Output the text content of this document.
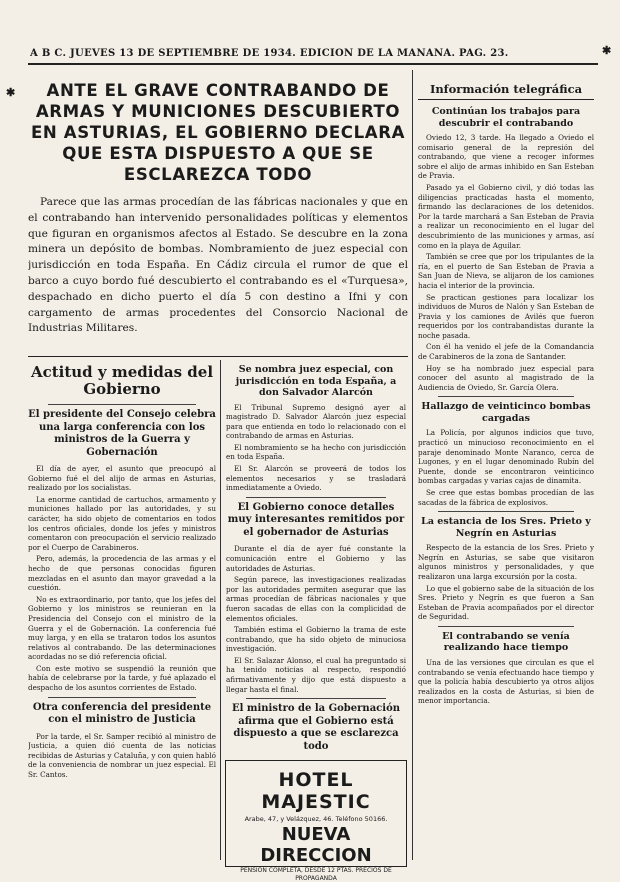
✱
✱
A B C. JUEVES 13 DE SEPTIEMBRE DE 1934. EDICION DE LA MAÑANA. PAG. 23.
ANTE EL GRAVE CONTRABANDO DE ARMAS Y MUNICIONES DESCUBIERTO EN ASTURIAS, EL GOBIERNO DECLARA QUE ESTA DISPUESTO A QUE SE ESCLAREZCA TODO
Parece que las armas procedían de las fábricas nacionales y que en el contrabando han intervenido personalidades políticas y elementos que figuran en organismos afectos al Estado. Se descubre en la zona minera un depósito de bombas. Nombramiento de juez especial con jurisdicción en toda España. En Cádiz circula el rumor de que el barco a cuyo bordo fué descubierto el contrabando es el «Turquesa», despachado en dicho puerto el día 5 con destino a Ifni y con cargamento de armas procedentes del Consorcio Nacional de Industrias Militares.
Actitud y medidas del Gobierno
El presidente del Consejo celebra una larga conferencia con los ministros de la Guerra y Gobernación

El día de ayer, el asunto que preocupó al Gobierno fué el del alijo de armas en Asturias, realizado por los socialistas.

La enorme cantidad de cartuchos, armamento y municiones hallado por las autoridades, y su carácter, ha sido objeto de comentarios en todos los centros oficiales, donde los jefes y ministros comentaron con preocupación el servicio realizado por el Cuerpo de Carabineros.

Pero, además, la procedencia de las armas y el hecho de que personas conocidas figuren mezcladas en el asunto dan mayor gravedad a la cuestión.

No es extraordinario, por tanto, que los jefes del Gobierno y los ministros se reunieran en la Presidencia del Consejo con el ministro de la Guerra y el de Gobernación. La conferencia fué muy larga, y en ella se trataron todos los asuntos relativos al contrabando. De las determinaciones acordadas no se dió referencia oficial.

Con este motivo se suspendió la reunión que había de celebrarse por la tarde, y fué aplazado el despacho de los asuntos corrientes de Estado.

Otra conferencia del presidente con el ministro de Justicia

Por la tarde, el Sr. Samper recibió al ministro de Justicia, a quien dió cuenta de las noticias recibidas de Asturias y Cataluña, y con quien habló de la conveniencia de nombrar un juez especial. El Sr. Cantos.

Se nombra juez especial, con jurisdicción en toda España, a don Salvador Alarcón

El Tribunal Supremo designó ayer al magistrado D. Salvador Alarcón juez especial para que entienda en todo lo relacionado con el contrabando de armas en Asturias.

El nombramiento se ha hecho con jurisdicción en toda España.

El Sr. Alarcón se proveerá de todos los elementos necesarios y se trasladará inmediatamente a Oviedo.

El Gobierno conoce detalles muy interesantes remitidos por el gobernador de Asturias

Durante el día de ayer fué constante la comunicación entre el Gobierno y las autoridades de Asturias.

Según parece, las investigaciones realizadas por las autoridades permiten asegurar que las armas procedían de fábricas nacionales y que fueron sacadas de ellas con la complicidad de elementos oficiales.

También estima el Gobierno la trama de este contrabando, que ha sido objeto de minuciosa investigación.

El Sr. Salazar Alonso, el cual ha preguntado si ha tenido noticias al respecto, respondió afirmativamente y dijo que está dispuesto a llegar hasta el final.

El ministro de la Gobernación afirma que el Gobierno está dispuesto a que se esclarezca todo

HOTEL MAJESTIC
Arabe, 47, y Velázquez, 46. Teléfono 50166.
NUEVA DIRECCION
PENSION COMPLETA, DESDE 12 PTAS. PRECIOS DE PROPAGANDA
Información telegráfica
Continúan los trabajos para descubrir el contrabando

Oviedo 12, 3 tarde. Ha llegado a Oviedo el comisario general de la represión del contrabando, que viene a recoger informes sobre el alijo de armas inhibido en San Esteban de Pravia.

Pasado ya el Gobierno civil, y dió todas las diligencias practicadas hasta el momento, firmando las declaraciones de los detenidos. Por la tarde marchará a San Esteban de Pravia a realizar un reconocimiento en el lugar del descubrimiento de las municiones y armas, así como en la playa de Aguilar.

También se cree que por los tripulantes de la ría, en el puerto de San Esteban de Pravia a San Juan de Nieva, se alijaron de los camiones hacia el interior de la provincia.

Se practican gestiones para localizar los individuos de Muros de Nalón y San Esteban de Pravia y los camiones de Avilés que fueron requeridos por los contrabandistas durante la noche pasada.

Con él ha venido el jefe de la Comandancia de Carabineros de la zona de Santander.

Hoy se ha nombrado juez especial para conocer del asunto al magistrado de la Audiencia de Oviedo, Sr. García Olera.

Hallazgo de veinticinco bombas cargadas

La Policía, por algunos indicios que tuvo, practicó un minucioso reconocimiento en el paraje denominado Monte Naranco, cerca de Lugones, y en el lugar denominado Rubín del Puente, donde se encontraron veinticinco bombas cargadas y varias cajas de dinamita.

Se cree que estas bombas procedían de las sacadas de la fábrica de explosivos.

La estancia de los Sres. Prieto y Negrín en Asturias

Respecto de la estancia de los Sres. Prieto y Negrín en Asturias, se sabe que visitaron algunos ministros y personalidades, y que realizaron una larga excursión por la costa.

Lo que el gobierno sabe de la situación de los Sres. Prieto y Negrín es que fueron a San Esteban de Pravia acompañados por el director de Seguridad.

El contrabando se venía realizando hace tiempo

Una de las versiones que circulan es que el contrabando se venía efectuando hace tiempo y que la policía había descubierto ya otros alijos realizados en la costa de Asturias, si bien de menor importancia.
